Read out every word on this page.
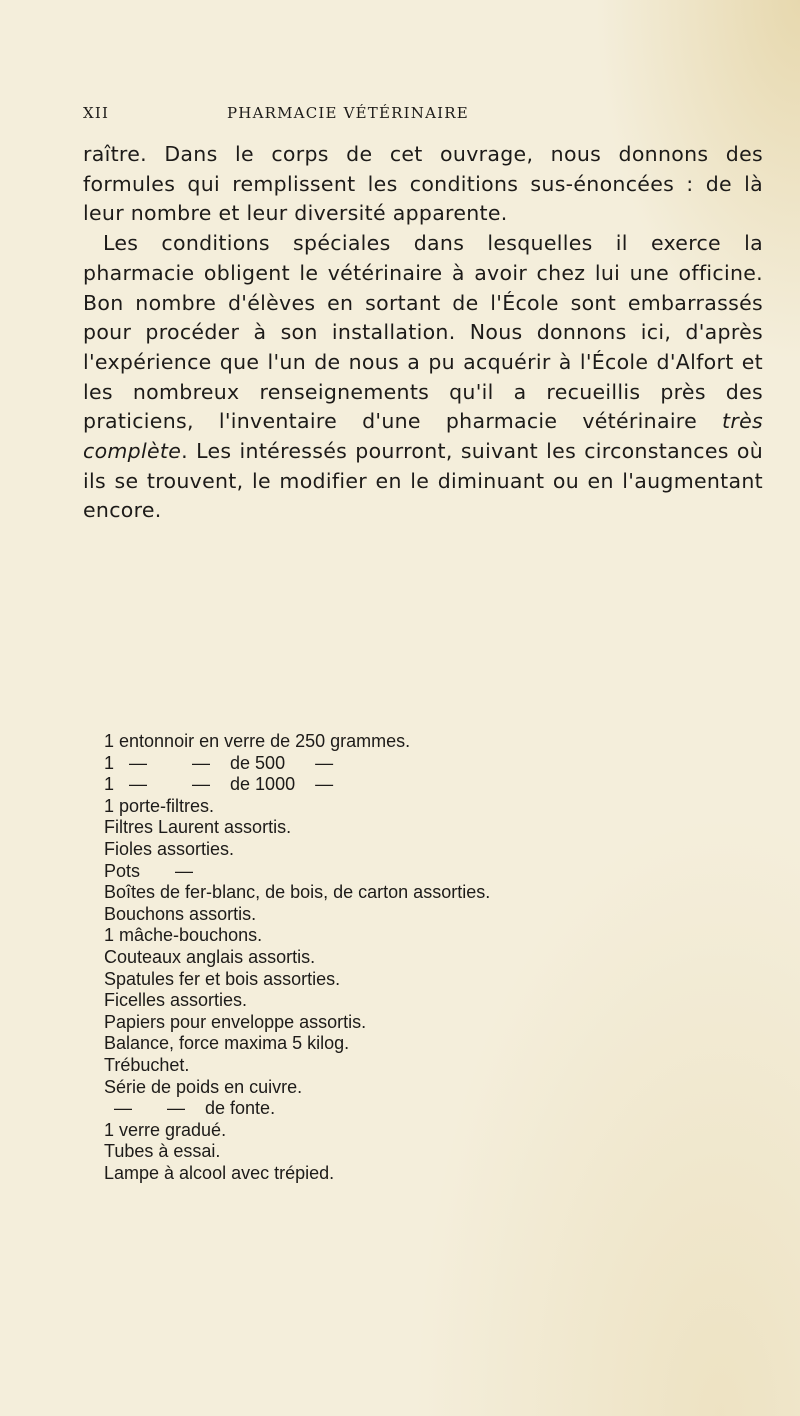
XII	PHARMACIE VÉTÉRINAIRE

raître. Dans le corps de cet ouvrage, nous donnons des formules qui remplissent les conditions sus-énoncées : de là leur nombre et leur diversité apparente.

Les conditions spéciales dans lesquelles il exerce la pharmacie obligent le vétérinaire à avoir chez lui une officine. Bon nombre d'élèves en sortant de l'École sont embarrassés pour procéder à son installation. Nous donnons ici, d'après l'expérience que l'un de nous a pu acquérir à l'École d'Alfort et les nombreux renseignements qu'il a recueillis près des praticiens, l'inventaire d'une pharmacie vétérinaire très complète. Les intéressés pourront, suivant les circonstances où ils se trouvent, le modifier en le diminuant ou en l'augmentant encore.

1 entonnoir en verre de 250 grammes.
1   —         —    de 500      —
1   —         —    de 1000    —
1 porte-filtres.
Filtres Laurent assortis.
Fioles assorties.
Pots       —
Boîtes de fer-blanc, de bois, de carton assorties.
Bouchons assortis.
1 mâche-bouchons.
Couteaux anglais assortis.
Spatules fer et bois assorties.
Ficelles assorties.
Papiers pour enveloppe assortis.
Balance, force maxima 5 kilog.
Trébuchet.
Série de poids en cuivre.
—       —    de fonte.
1 verre gradué.
Tubes à essai.
Lampe à alcool avec trépied.
